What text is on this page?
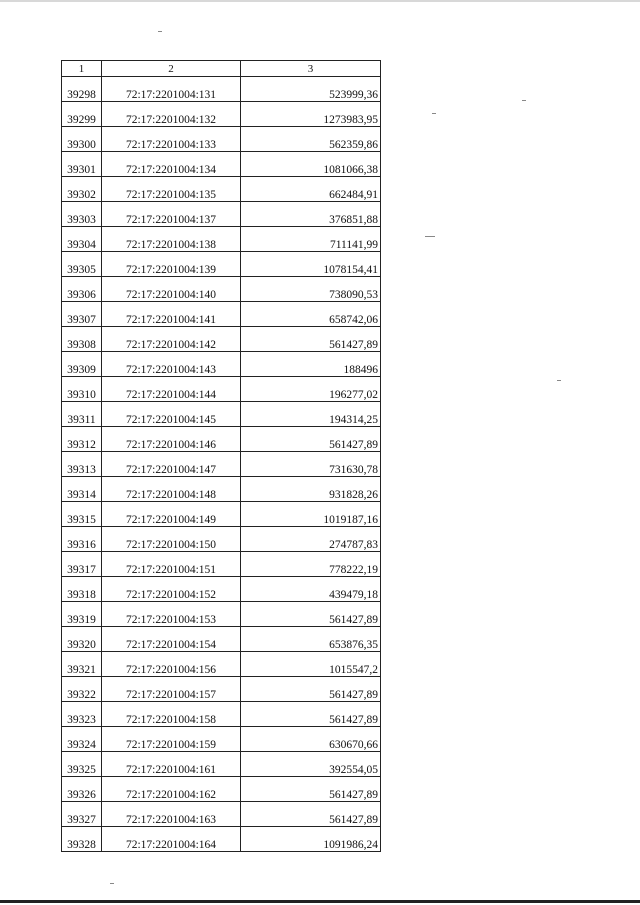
1	2	3
39298	72:17:2201004:131	523999,36
39299	72:17:2201004:132	1273983,95
39300	72:17:2201004:133	562359,86
39301	72:17:2201004:134	1081066,38
39302	72:17:2201004:135	662484,91
39303	72:17:2201004:137	376851,88
39304	72:17:2201004:138	711141,99
39305	72:17:2201004:139	1078154,41
39306	72:17:2201004:140	738090,53
39307	72:17:2201004:141	658742,06
39308	72:17:2201004:142	561427,89
39309	72:17:2201004:143	188496
39310	72:17:2201004:144	196277,02
39311	72:17:2201004:145	194314,25
39312	72:17:2201004:146	561427,89
39313	72:17:2201004:147	731630,78
39314	72:17:2201004:148	931828,26
39315	72:17:2201004:149	1019187,16
39316	72:17:2201004:150	274787,83
39317	72:17:2201004:151	778222,19
39318	72:17:2201004:152	439479,18
39319	72:17:2201004:153	561427,89
39320	72:17:2201004:154	653876,35
39321	72:17:2201004:156	1015547,2
39322	72:17:2201004:157	561427,89
39323	72:17:2201004:158	561427,89
39324	72:17:2201004:159	630670,66
39325	72:17:2201004:161	392554,05
39326	72:17:2201004:162	561427,89
39327	72:17:2201004:163	561427,89
39328	72:17:2201004:164	1091986,24
